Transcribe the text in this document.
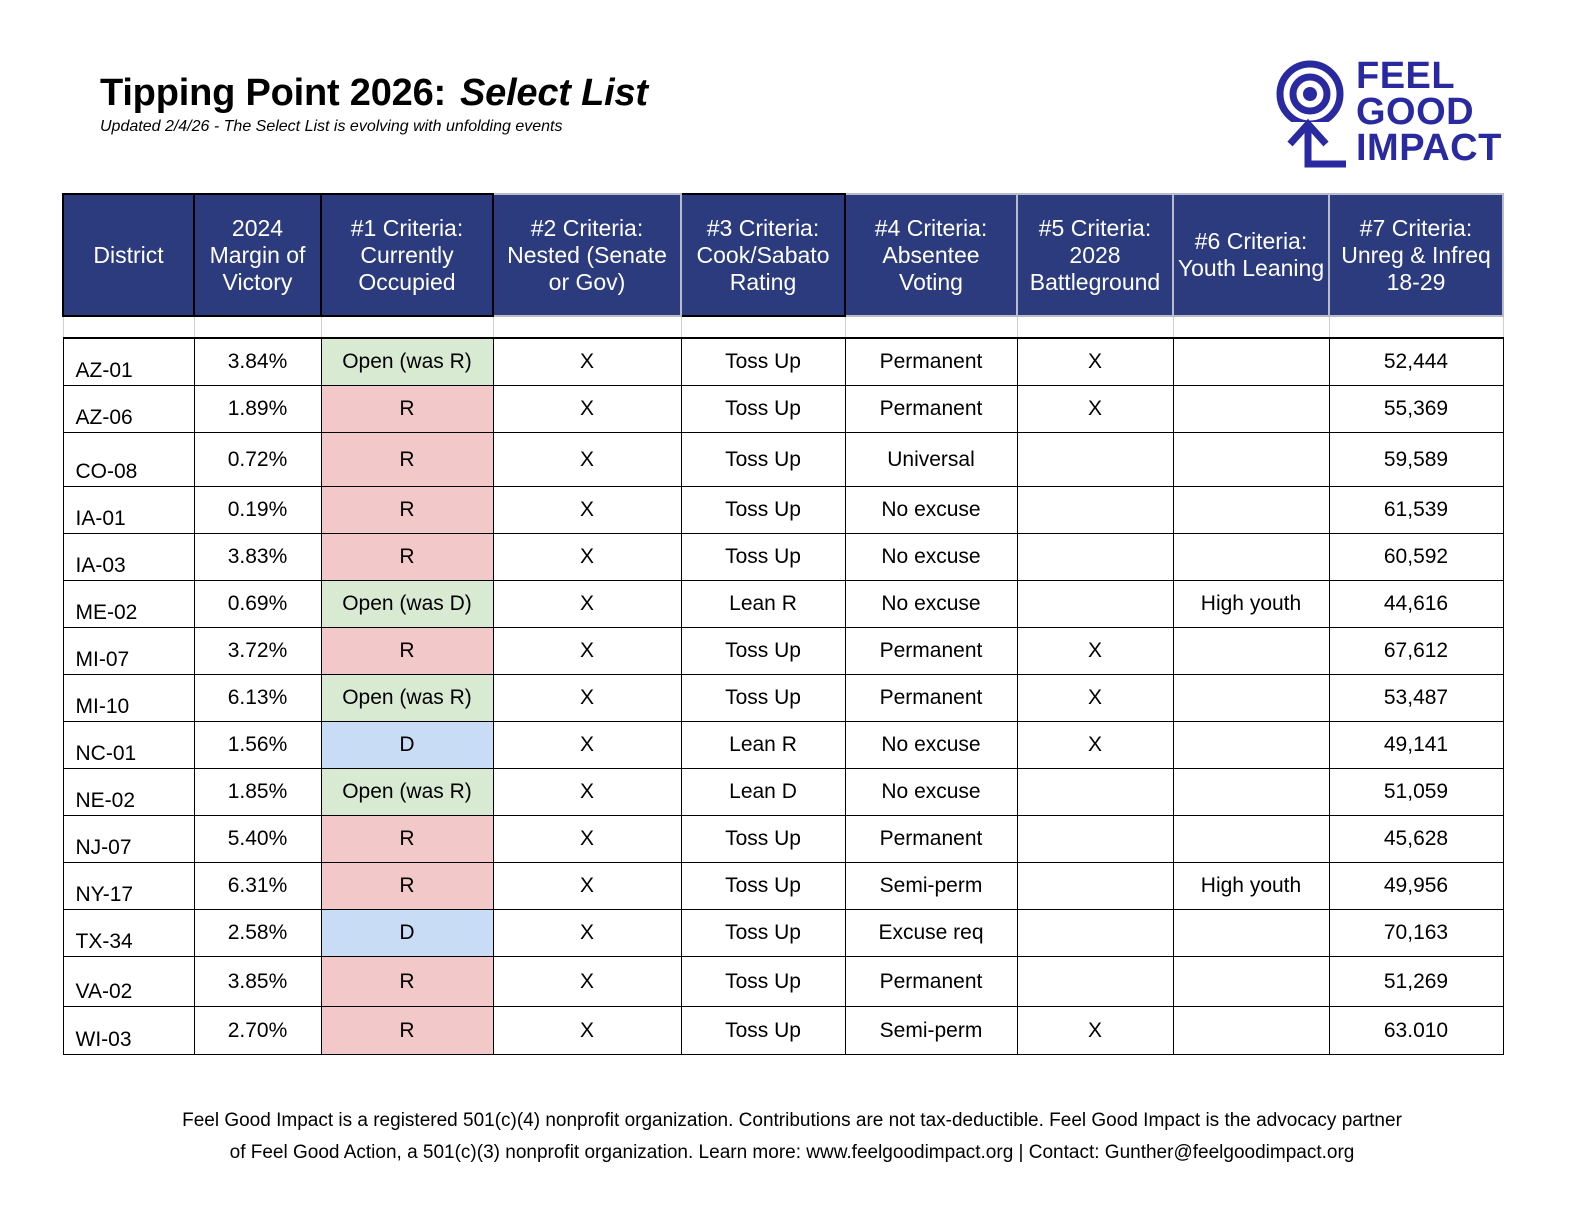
Tipping Point 2026: Select List
Updated 2/4/26 - The Select List is evolving with unfolding events
FEEL
GOOD
IMPACT
District	2024 Margin of Victory	#1 Criteria: Currently Occupied	#2 Criteria: Nested (Senate or Gov)	#3 Criteria: Cook/Sabato Rating	#4 Criteria: Absentee Voting	#5 Criteria: 2028 Battleground	#6 Criteria: Youth Leaning	#7 Criteria: Unreg & Infreq 18-29

AZ-01	3.84%	Open (was R)	X	Toss Up	Permanent	X		52,444
AZ-06	1.89%	R	X	Toss Up	Permanent	X		55,369
CO-08	0.72%	R	X	Toss Up	Universal			59,589
IA-01	0.19%	R	X	Toss Up	No excuse			61,539
IA-03	3.83%	R	X	Toss Up	No excuse			60,592
ME-02	0.69%	Open (was D)	X	Lean R	No excuse		High youth	44,616
MI-07	3.72%	R	X	Toss Up	Permanent	X		67,612
MI-10	6.13%	Open (was R)	X	Toss Up	Permanent	X		53,487
NC-01	1.56%	D	X	Lean R	No excuse	X		49,141
NE-02	1.85%	Open (was R)	X	Lean D	No excuse			51,059
NJ-07	5.40%	R	X	Toss Up	Permanent			45,628
NY-17	6.31%	R	X	Toss Up	Semi-perm		High youth	49,956
TX-34	2.58%	D	X	Toss Up	Excuse req			70,163
VA-02	3.85%	R	X	Toss Up	Permanent			51,269
WI-03	2.70%	R	X	Toss Up	Semi-perm	X		63.010
Feel Good Impact is a registered 501(c)(4) nonprofit organization. Contributions are not tax-deductible. Feel Good Impact is the advocacy partner
of Feel Good Action, a 501(c)(3) nonprofit organization. Learn more: www.feelgoodimpact.org | Contact: Gunther@feelgoodimpact.org
